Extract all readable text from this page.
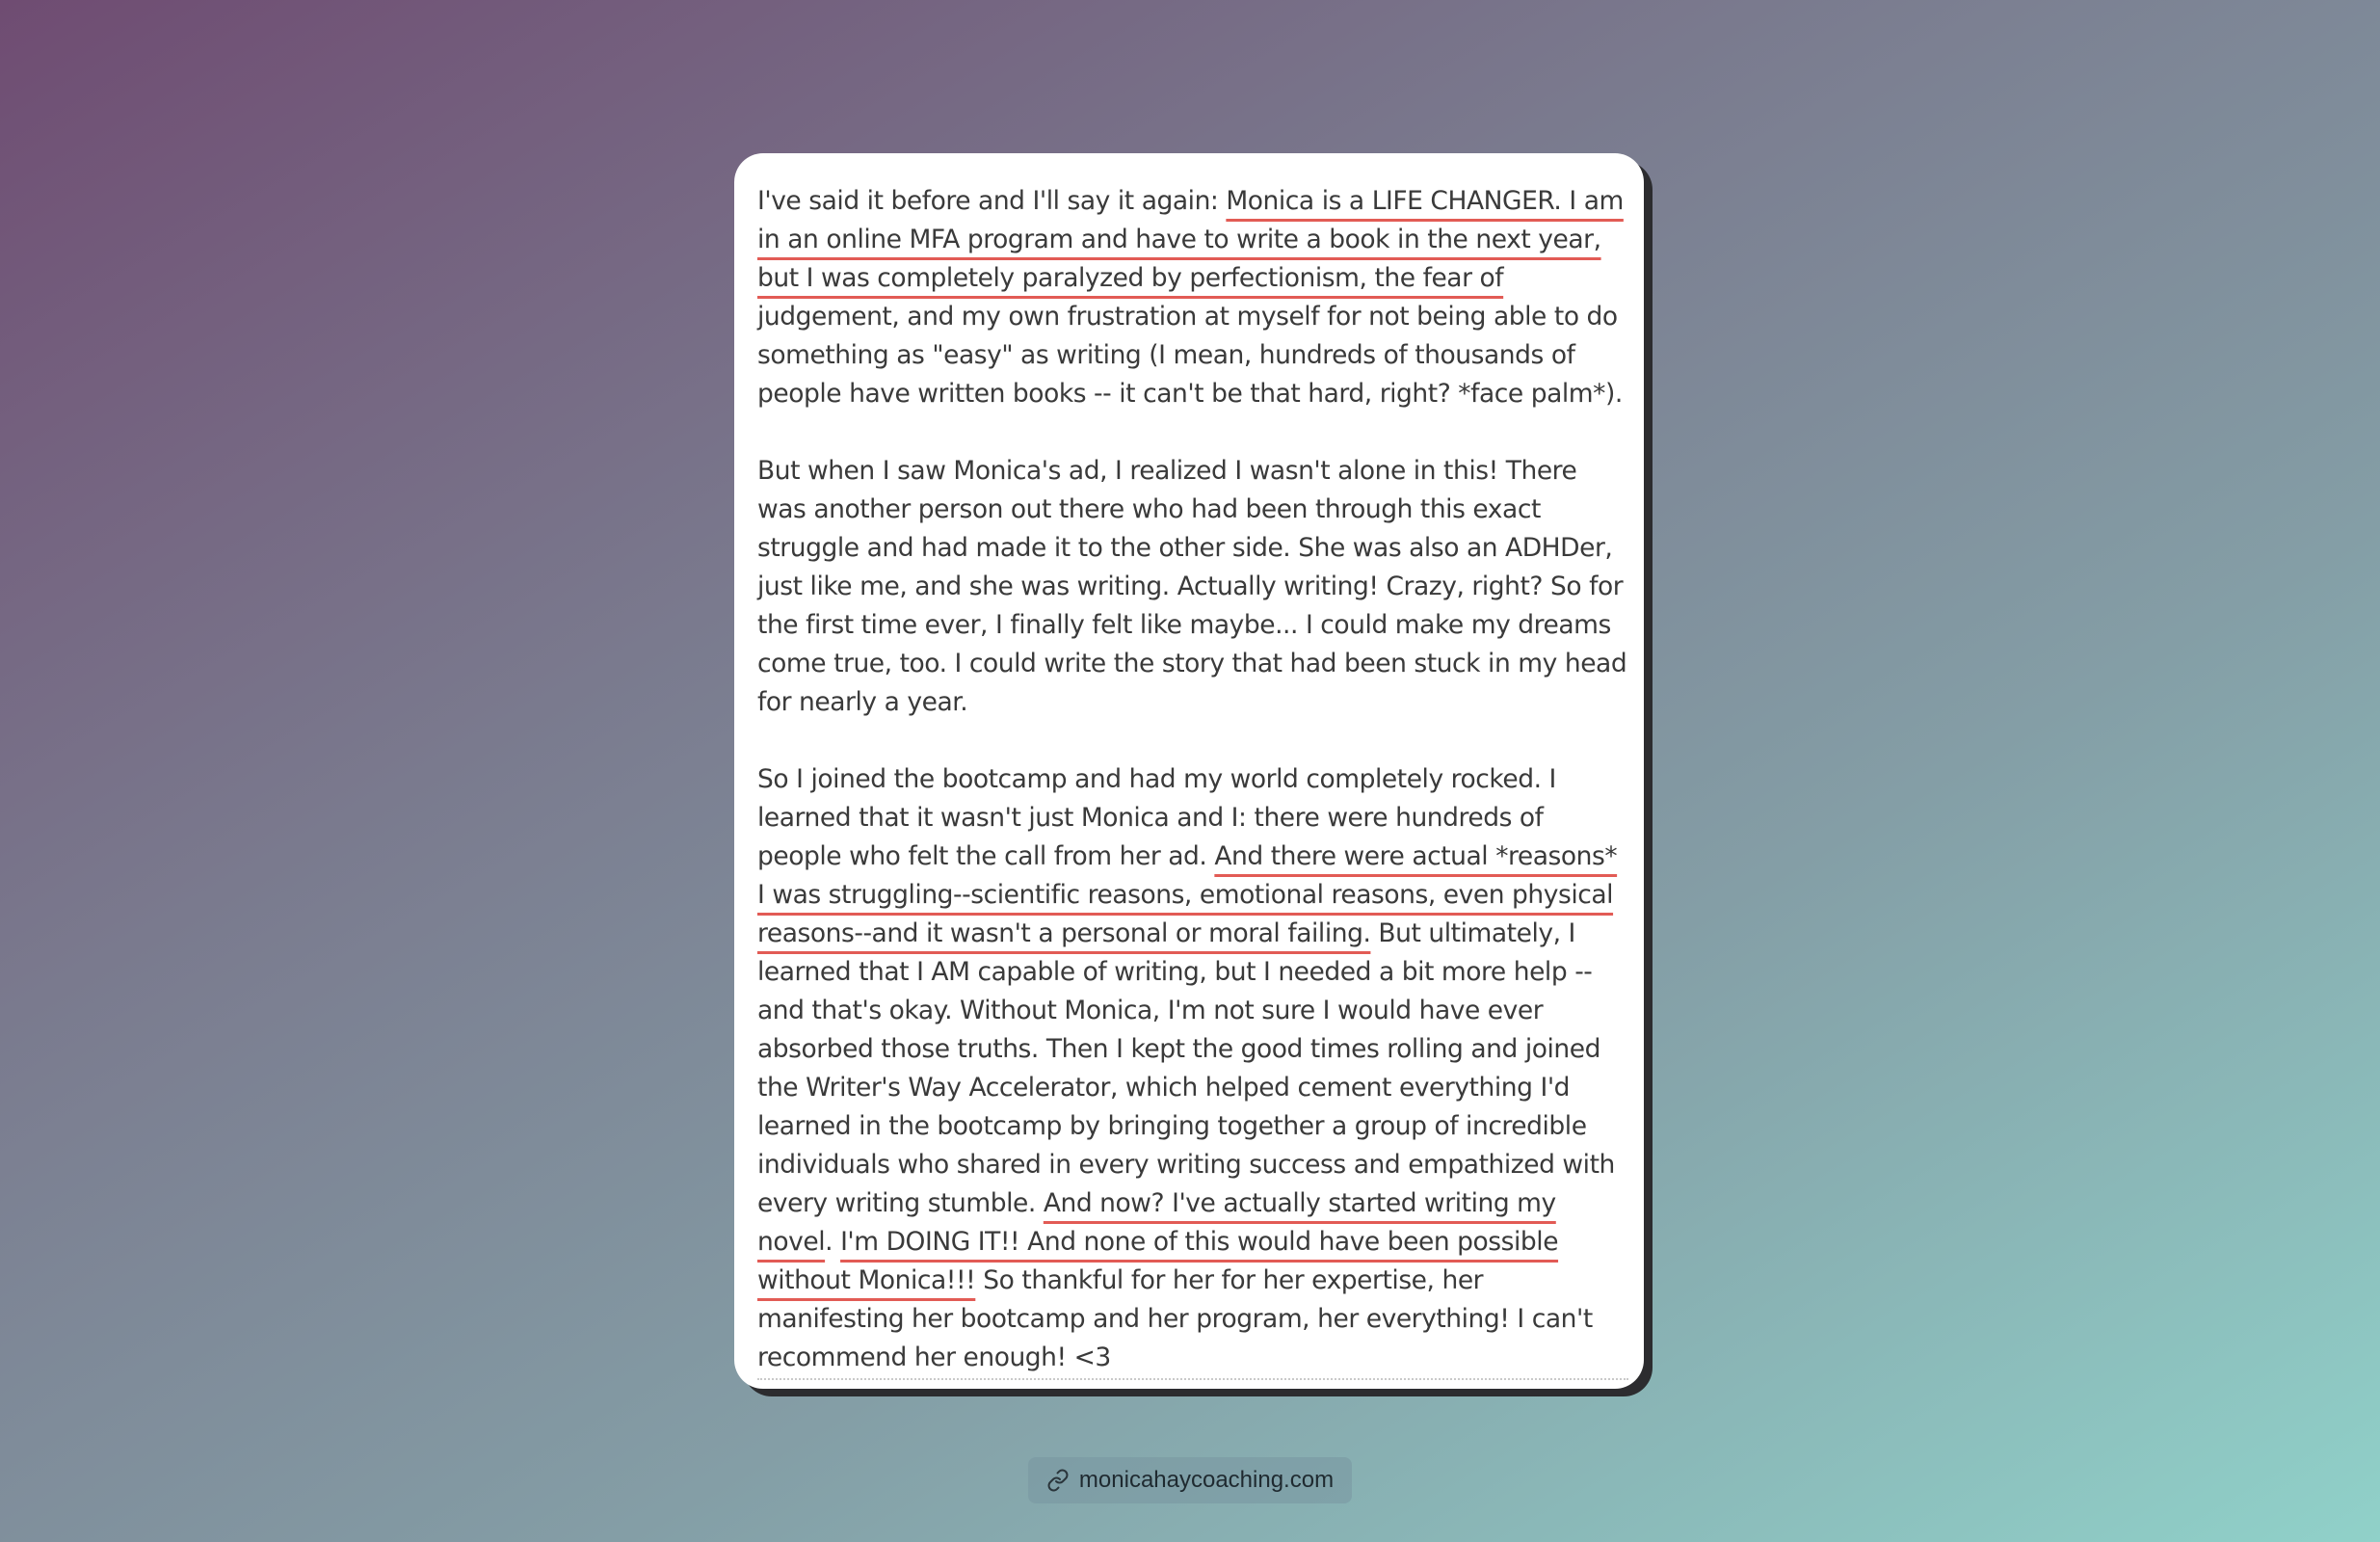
I've said it before and I'll say it again: Monica is a LIFE CHANGER. I am in an online MFA program and have to write a book in the next year, but I was completely paralyzed by perfectionism, the fear of judgement, and my own frustration at myself for not being able to do something as "easy" as writing (I mean, hundreds of thousands of people have written books -- it can't be that hard, right? *face palm*).

But when I saw Monica's ad, I realized I wasn't alone in this! There was another person out there who had been through this exact struggle and had made it to the other side. She was also an ADHDer, just like me, and she was writing. Actually writing! Crazy, right? So for the first time ever, I finally felt like maybe... I could make my dreams come true, too. I could write the story that had been stuck in my head for nearly a year.

So I joined the bootcamp and had my world completely rocked. I learned that it wasn't just Monica and I: there were hundreds of people who felt the call from her ad. And there were actual *reasons* I was struggling--scientific reasons, emotional reasons, even physical reasons--and it wasn't a personal or moral failing. But ultimately, I learned that I AM capable of writing, but I needed a bit more help -- and that's okay. Without Monica, I'm not sure I would have ever absorbed those truths. Then I kept the good times rolling and joined the Writer's Way Accelerator, which helped cement everything I'd learned in the bootcamp by bringing together a group of incredible individuals who shared in every writing success and empathized with every writing stumble. And now? I've actually started writing my novel. I'm DOING IT!! And none of this would have been possible without Monica!!! So thankful for her for her expertise, her manifesting her bootcamp and her program, her everything! I can't recommend her enough! <3

monicahaycoaching.com
